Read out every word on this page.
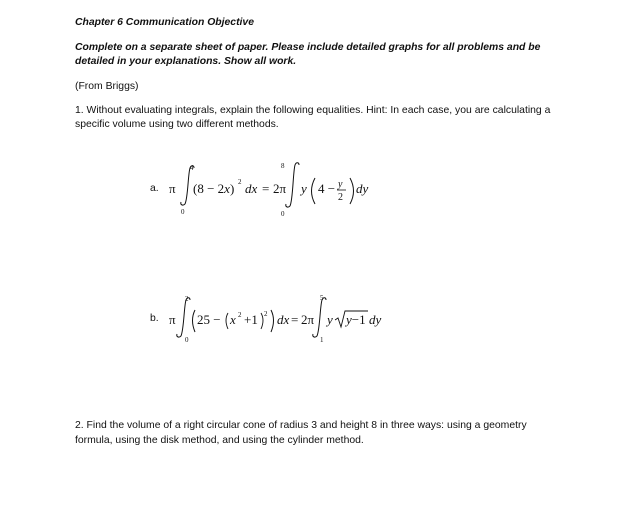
Chapter 6 Communication Objective
Complete on a separate sheet of paper. Please include detailed graphs for all problems and be
detailed in your explanations. Show all work.
(From Briggs)
1. Without evaluating integrals, explain the following equalities. Hint: In each case, you are calculating a
specific volume using two different methods.
a. π
4
0
(8 − 2x) 2 dx = 2π
8
0
y 4 − y
2
dy
b. π
2
0
25 − x 2 +1 2 dx = 2π
5
1
y y−1 dy
2. Find the volume of a right circular cone of radius 3 and height 8 in three ways: using a geometry
formula, using the disk method, and using the cylinder method.
